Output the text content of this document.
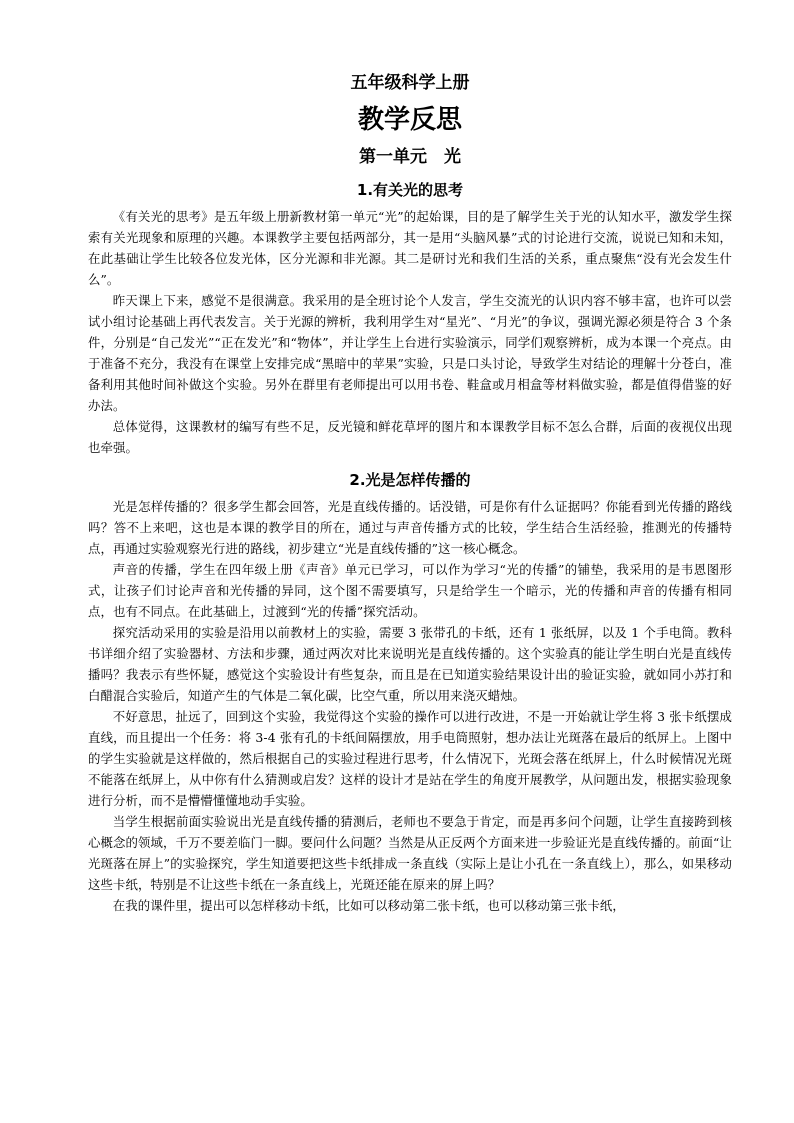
五年级科学上册
教学反思
第一单元　光
1.有关光的思考

《有关光的思考》是五年级上册新教材第一单元“光”的起始课，目的是了解学生关于光的认知水平，激发学生探索有关光现象和原理的兴趣。本课教学主要包括两部分，其一是用“头脑风暴”式的讨论进行交流，说说已知和未知，在此基础让学生比较各位发光体，区分光源和非光源。其二是研讨光和我们生活的关系，重点聚焦“没有光会发生什么”。

昨天课上下来，感觉不是很满意。我采用的是全班讨论个人发言，学生交流光的认识内容不够丰富，也许可以尝试小组讨论基础上再代表发言。关于光源的辨析，我利用学生对“星光”、“月光”的争议，强调光源必须是符合 3 个条件，分别是“自己发光”“正在发光”和“物体”，并让学生上台进行实验演示，同学们观察辨析，成为本课一个亮点。由于准备不充分，我没有在课堂上安排完成“黑暗中的苹果”实验，只是口头讨论，导致学生对结论的理解十分苍白，准备利用其他时间补做这个实验。另外在群里有老师提出可以用书卷、鞋盒或月相盒等材料做实验，都是值得借鉴的好办法。

总体觉得，这课教材的编写有些不足，反光镜和鲜花草坪的图片和本课教学目标不怎么合群，后面的夜视仪出现也牵强。

2.光是怎样传播的

光是怎样传播的？很多学生都会回答，光是直线传播的。话没错，可是你有什么证据吗？你能看到光传播的路线吗？答不上来吧，这也是本课的教学目的所在，通过与声音传播方式的比较，学生结合生活经验，推测光的传播特点，再通过实验观察光行进的路线，初步建立“光是直线传播的”这一核心概念。

声音的传播，学生在四年级上册《声音》单元已学习，可以作为学习“光的传播”的铺垫，我采用的是韦恩图形式，让孩子们讨论声音和光传播的异同，这个图不需要填写，只是给学生一个暗示，光的传播和声音的传播有相同点，也有不同点。在此基础上，过渡到“光的传播”探究活动。

探究活动采用的实验是沿用以前教材上的实验，需要 3 张带孔的卡纸，还有 1 张纸屏，以及 1 个手电筒。教科书详细介绍了实验器材、方法和步骤，通过两次对比来说明光是直线传播的。这个实验真的能让学生明白光是直线传播吗？我表示有些怀疑，感觉这个实验设计有些复杂，而且是在已知道实验结果设计出的验证实验，就如同小苏打和白醋混合实验后，知道产生的气体是二氧化碳，比空气重，所以用来浇灭蜡烛。

不好意思，扯远了，回到这个实验，我觉得这个实验的操作可以进行改进，不是一开始就让学生将 3 张卡纸摆成直线，而且提出一个任务：将 3-4 张有孔的卡纸间隔摆放，用手电筒照射，想办法让光斑落在最后的纸屏上。上图中的学生实验就是这样做的，然后根据自己的实验过程进行思考，什么情况下，光斑会落在纸屏上，什么时候情况光斑不能落在纸屏上，从中你有什么猜测或启发？这样的设计才是站在学生的角度开展教学，从问题出发，根据实验现象进行分析，而不是懵懵懂懂地动手实验。

当学生根据前面实验说出光是直线传播的猜测后，老师也不要急于肯定，而是再多问个问题，让学生直接跨到核心概念的领域，千万不要差临门一脚。要问什么问题？当然是从正反两个方面来进一步验证光是直线传播的。前面“让光斑落在屏上”的实验探究，学生知道要把这些卡纸排成一条直线（实际上是让小孔在一条直线上），那么，如果移动这些卡纸，特别是不让这些卡纸在一条直线上，光斑还能在原来的屏上吗？

在我的课件里，提出可以怎样移动卡纸，比如可以移动第二张卡纸，也可以移动第三张卡纸，
